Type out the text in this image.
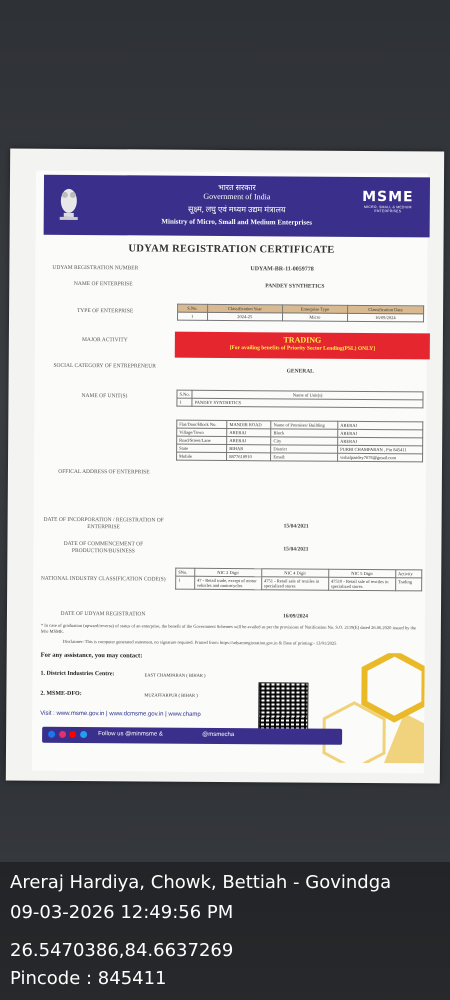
भारत सरकार
Government of India
सूक्ष्म, लघु एवं मध्यम उद्यम मंत्रालय
Ministry of Micro, Small and Medium Enterprises
MSME
MICRO, SMALL & MEDIUM ENTERPRISES
UDYAM REGISTRATION CERTIFICATE
UDYAM REGISTRATION NUMBER	UDYAM-BR-11-0059778
NAME OF ENTERPRISE	PANDEY SYNTHETICS
TYPE OF ENTERPRISE	S.No.	Classification Year	Enterprise Type	Classification Date
1	2024-25	Micro	16/09/2024
MAJOR ACTIVITY	TRADING
[For availing benefits of Priority Sector Lending(PSL) ONLY]
SOCIAL CATEGORY OF ENTREPRENEUR
GENERAL
NAME OF UNIT(S)	S.No.	Name of Unit(s)
1	PANDEY SYNTHETICS
OFFICAL ADDRESS OF ENTERPRISE
Flat/Door/Block No.	MANDIR ROAD	Name of Premises/ Building	ARERAJ
Village/Town	ARERAJ	Block	ARERAJ
Road/Street/Lane	ARERAJ	City	ARERAJ
State	BIHAR	District	PURBI CHAMPARAN , Pin 845411
Mobile	8877618910	Email:	vishalpandey7676@gmail.com
DATE OF INCORPORATION / REGISTRATION OF ENTERPRISE	15/04/2021
DATE OF COMMENCEMENT OF PRODUCTION/BUSINESS	15/04/2021
NATIONAL INDUSTRY CLASSIFICATION CODE(S)
SNo.	NIC 2 Digit	NIC 4 Digit	NIC 5 Digit	Activity
1	47 - Retail trade, except of motor vehicles and motorcycles	4751 - Retail sale of textiles in specialized stores	47510 - Retail sale of textiles in specialized stores	Trading
DATE OF UDYAM REGISTRATION	16/09/2024
* In case of graduation (upward/reverse) of status of an enterprise, the benefit of the Government Schemes will be availed as per the provisions of Notification No. S.O. 2119(E) dated 26.06.2020 issued by the M/o MSME.
Disclaimer: This is computer generated statement, no signature required. Printed from: https://udyamregistration.gov.in & Date of printing:- 13/01/2025
For any assistance, you may contact:
1. District Industries Centre:	EAST CHAMPARAN ( BIHAR )
2. MSME-DFO:	MUZAFFARPUR ( BIHAR )
Visit : www.msme.gov.in | www.dcmsme.gov.in | www.champ

Follow us @minmsme &	@msmecha
Areraj Hardiya, Chowk, Bettiah - Govindga
09-03-2026 12:49:56 PM
26.5470386,84.6637269
Pincode : 845411
